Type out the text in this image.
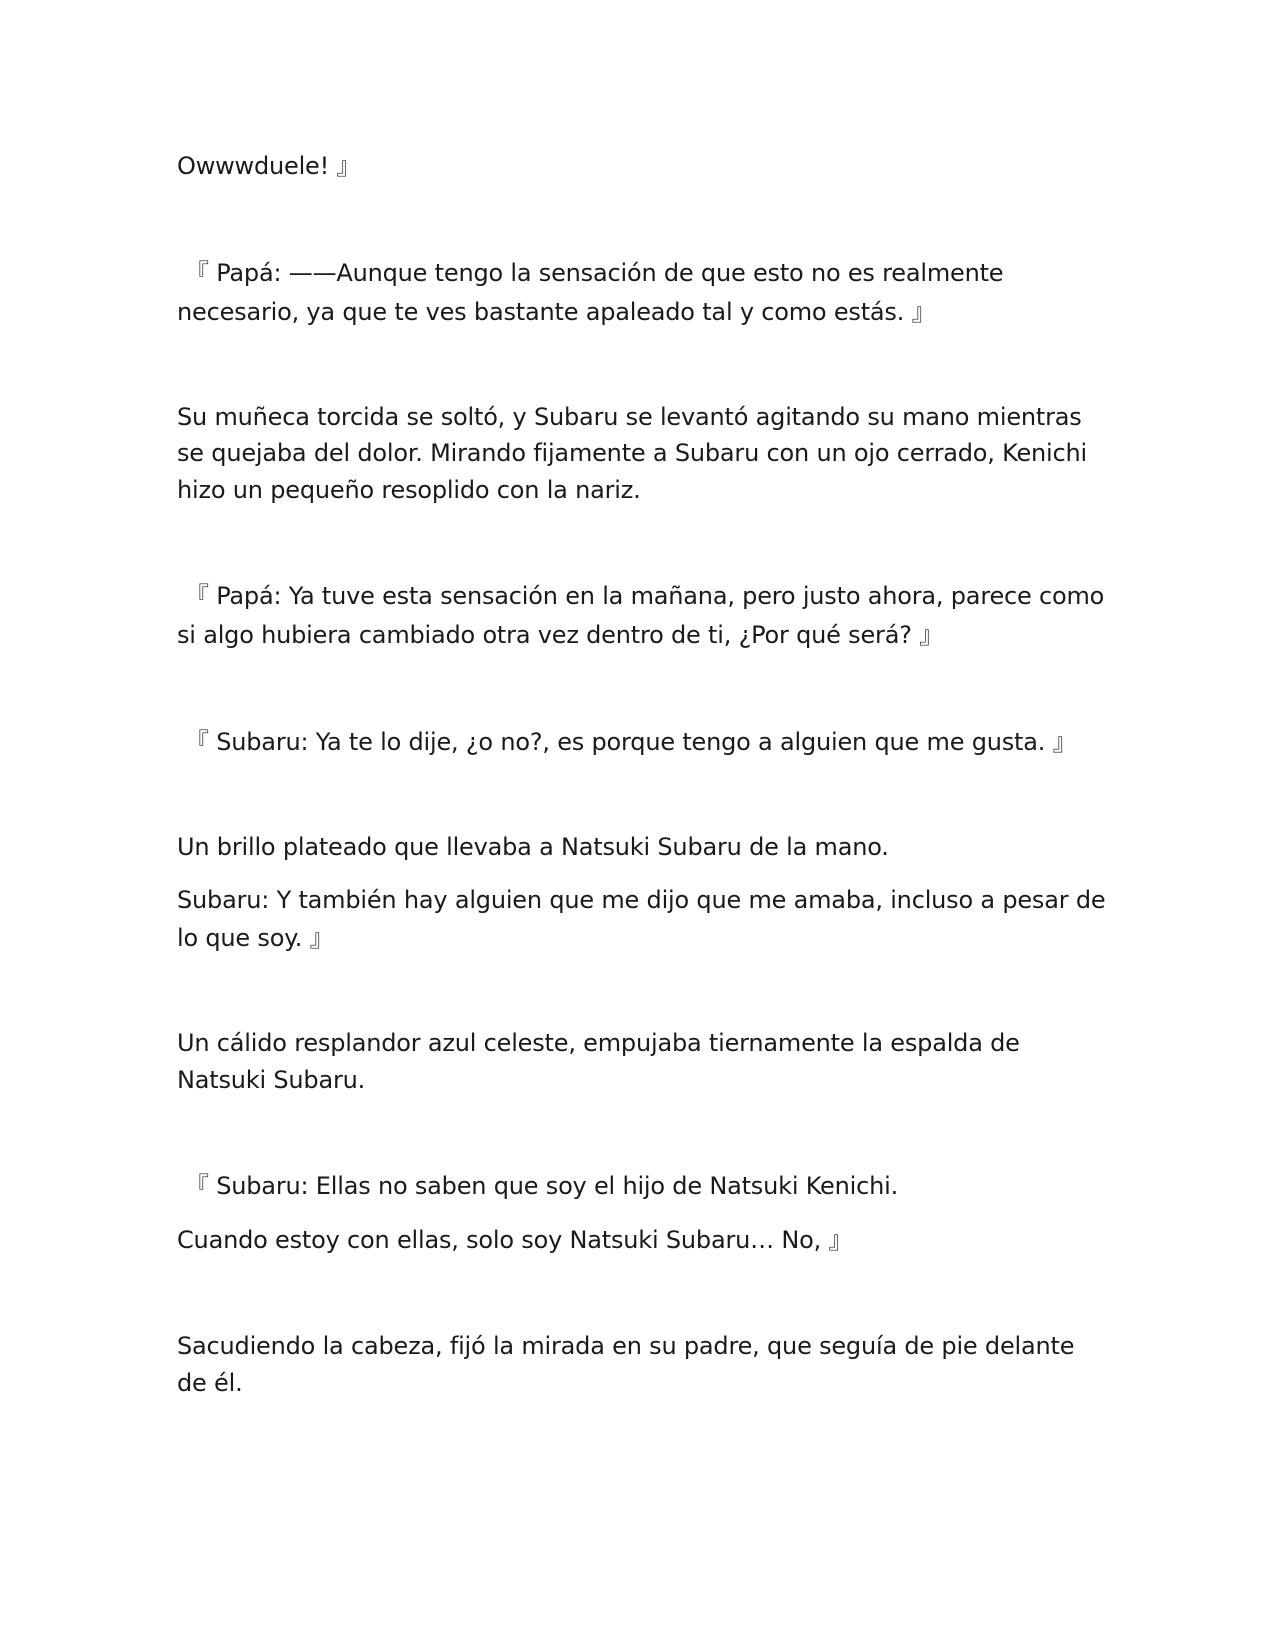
Owwwduele! 』
『 Papá: ——Aunque tengo la sensación de que esto no es realmente
necesario, ya que te ves bastante apaleado tal y como estás. 』
Su muñeca torcida se soltó, y Subaru se levantó agitando su mano mientras
se quejaba del dolor. Mirando fijamente a Subaru con un ojo cerrado, Kenichi
hizo un pequeño resoplido con la nariz.
『 Papá: Ya tuve esta sensación en la mañana, pero justo ahora, parece como
si algo hubiera cambiado otra vez dentro de ti, ¿Por qué será? 』
『 Subaru: Ya te lo dije, ¿o no?, es porque tengo a alguien que me gusta. 』
Un brillo plateado que llevaba a Natsuki Subaru de la mano.
Subaru: Y también hay alguien que me dijo que me amaba, incluso a pesar de
lo que soy. 』
Un cálido resplandor azul celeste, empujaba tiernamente la espalda de
Natsuki Subaru.
『 Subaru: Ellas no saben que soy el hijo de Natsuki Kenichi.
Cuando estoy con ellas, solo soy Natsuki Subaru… No, 』
Sacudiendo la cabeza, fijó la mirada en su padre, que seguía de pie delante
de él.
